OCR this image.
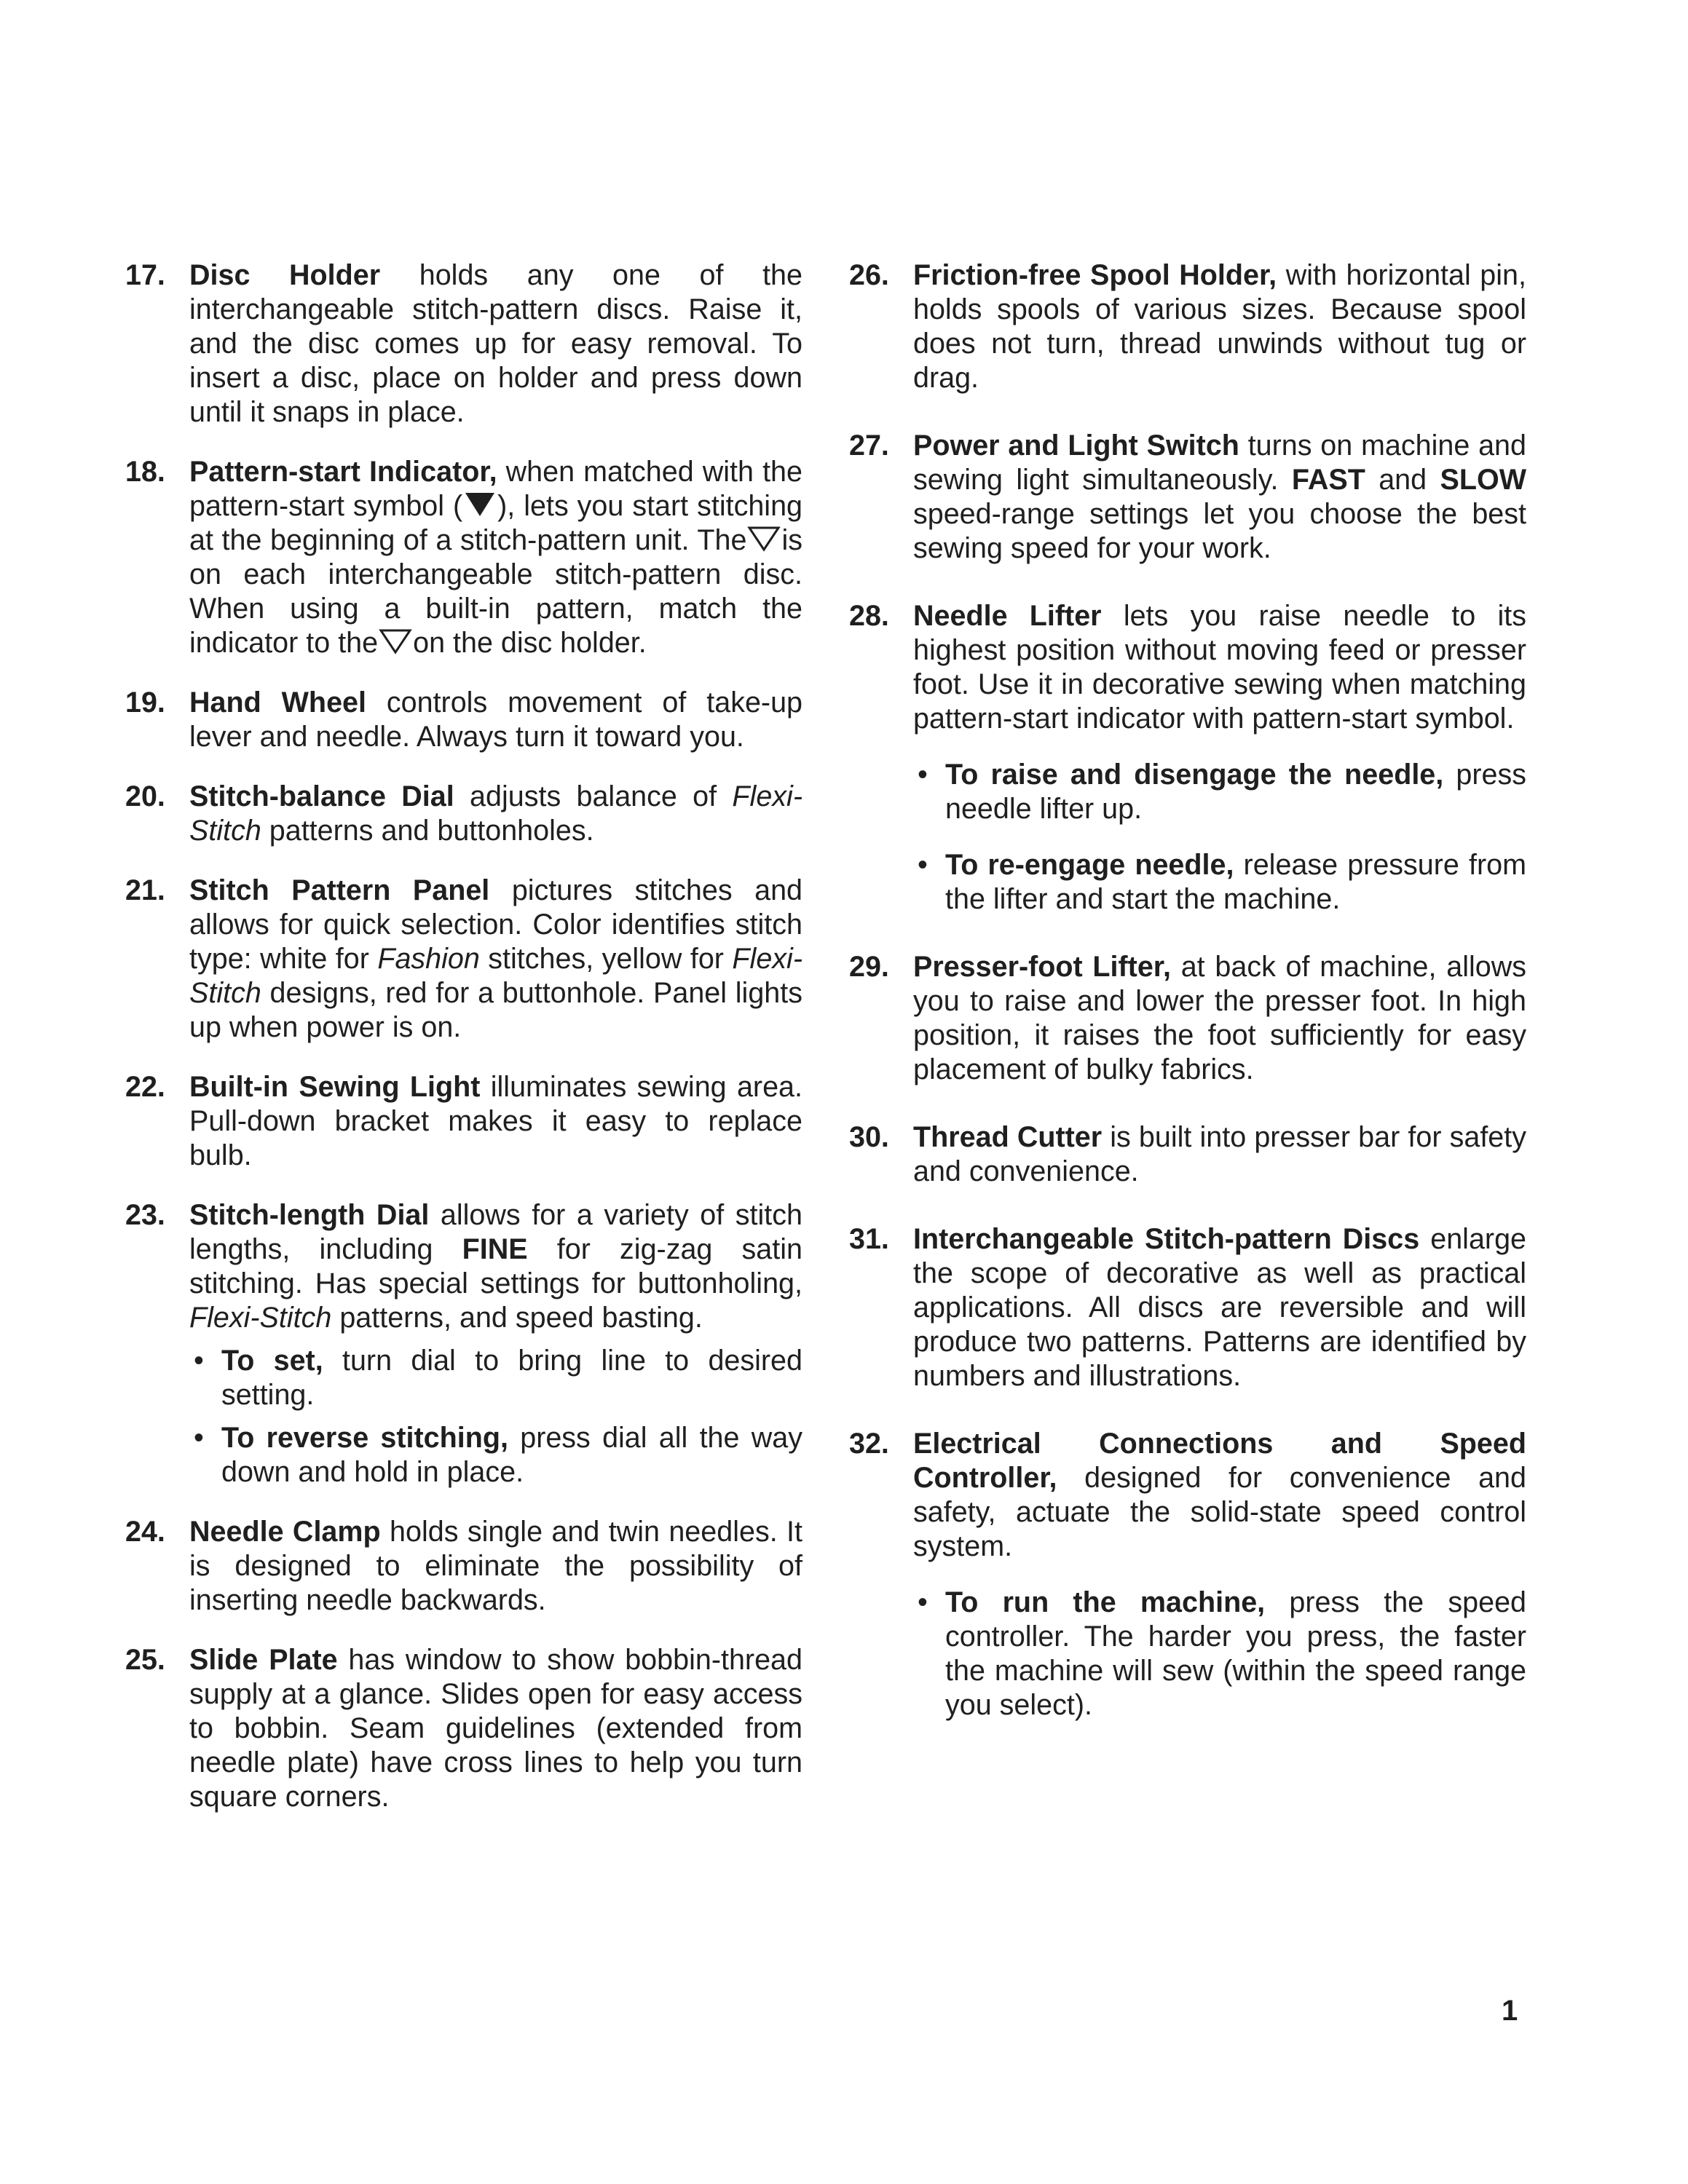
17. Disc Holder holds any one of the interchangeable stitch-pattern discs. Raise it, and the disc comes up for easy removal. To insert a disc, place on holder and press down until it snaps in place.

18. Pattern-start Indicator, when matched with the pattern-start symbol ( ), lets you start stitching at the beginning of a stitch-pattern unit. The is on each interchangeable stitch-pattern disc. When using a built-in pattern, match the indicator to the on the disc holder.

19. Hand Wheel controls movement of take-up lever and needle. Always turn it toward you.

20. Stitch-balance Dial adjusts balance of Flexi-Stitch patterns and buttonholes.

21. Stitch Pattern Panel pictures stitches and allows for quick selection. Color identifies stitch type: white for Fashion stitches, yellow for Flexi-Stitch designs, red for a buttonhole. Panel lights up when power is on.

22. Built-in Sewing Light illuminates sewing area. Pull-down bracket makes it easy to replace bulb.

23. Stitch-length Dial allows for a variety of stitch lengths, including FINE for zig-zag satin stitching. Has special settings for buttonholing, Flexi-Stitch patterns, and speed basting.

• To set, turn dial to bring line to desired setting.
• To reverse stitching, press dial all the way down and hold in place.
24. Needle Clamp holds single and twin needles. It is designed to eliminate the possibility of inserting needle backwards.

25. Slide Plate has window to show bobbin-thread supply at a glance. Slides open for easy access to bobbin. Seam guidelines (extended from needle plate) have cross lines to help you turn square corners.

26. Friction-free Spool Holder, with horizontal pin, holds spools of various sizes. Because spool does not turn, thread unwinds without tug or drag.

27. Power and Light Switch turns on machine and sewing light simultaneously. FAST and SLOW speed-range settings let you choose the best sewing speed for your work.

28. Needle Lifter lets you raise needle to its highest position without moving feed or presser foot. Use it in decorative sewing when matching pattern-start indicator with pattern-start symbol.

• To raise and disengage the needle, press needle lifter up.
• To re-engage needle, release pressure from the lifter and start the machine.
29. Presser-foot Lifter, at back of machine, allows you to raise and lower the presser foot. In high position, it raises the foot sufficiently for easy placement of bulky fabrics.

30. Thread Cutter is built into presser bar for safety and convenience.

31. Interchangeable Stitch-pattern Discs enlarge the scope of decorative as well as practical applications. All discs are reversible and will produce two patterns. Patterns are identified by numbers and illustrations.

32. Electrical Connections and Speed Controller, designed for convenience and safety, actuate the solid-state speed control system.

• To run the machine, press the speed controller. The harder you press, the faster the machine will sew (within the speed range you select).
1
